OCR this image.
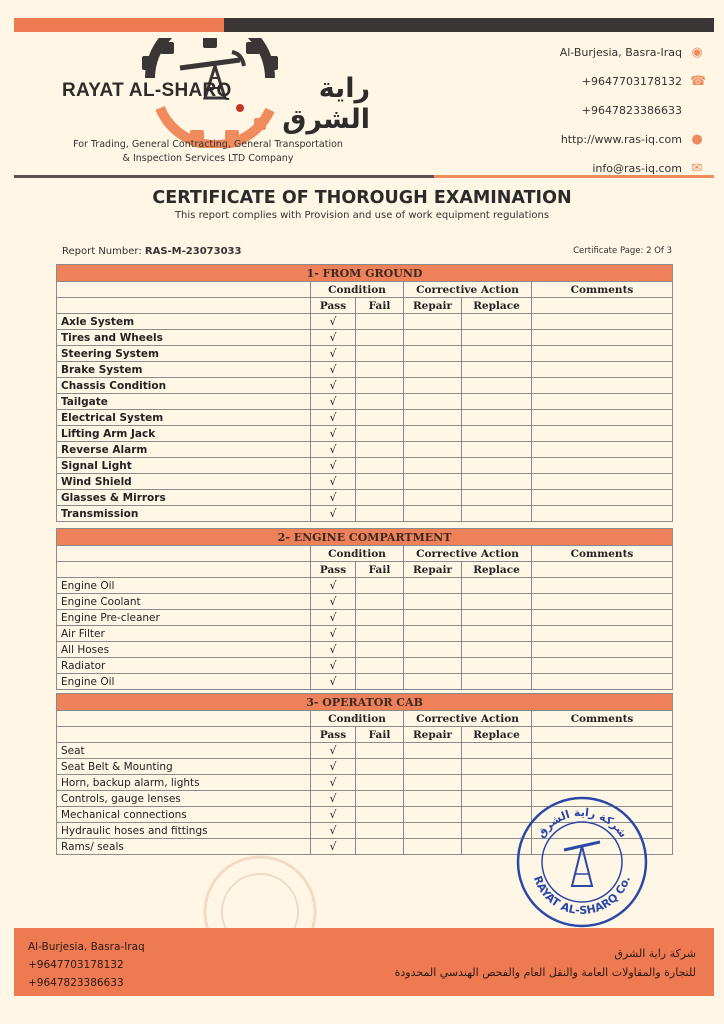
RAYAT AL-SHARQ	راية الشرق
For Trading, General Contracting, General Transportation
& Inspection Services LTD Company
Al-Burjesia, Basra-Iraq ◉
+9647703178132 ☎
+9647823386633
http://www.ras-iq.com ●
info@ras-iq.com ✉
CERTIFICATE OF THOROUGH EXAMINATION
This report complies with Provision and use of work equipment regulations
Report Number: RAS-M-23073033	Certificate Page: 2 Of 3
1- FROM GROUND					
	Condition		Corrective Action		Comments
	Pass	Fail	Repair	Replace	
Axle System	√				
Tires and Wheels	√				
Steering System	√				
Brake System	√				
Chassis Condition	√				
Tailgate	√				
Electrical System	√				
Lifting Arm Jack	√				
Reverse Alarm	√				
Signal Light	√				
Wind Shield	√				
Glasses & Mirrors	√				
Transmission	√				
2- ENGINE COMPARTMENT					
	Condition		Corrective Action		Comments
	Pass	Fail	Repair	Replace	
Engine Oil	√				
Engine Coolant	√				
Engine Pre-cleaner	√				
Air Filter	√				
All Hoses	√				
Radiator	√				
Engine Oil	√				
3- OPERATOR CAB					
	Condition		Corrective Action		Comments
	Pass	Fail	Repair	Replace	
Seat	√				
Seat Belt & Mounting	√				
Horn, backup alarm, lights	√				
Controls, gauge lenses	√				
Mechanical connections	√				
Hydraulic hoses and fittings	√				
Rams/ seals	√				
شركة راية الشرق
RAYAT AL-SHARQ Co.
Al-Burjesia, Basra-Iraq
+9647703178132
+9647823386633
شركة راية الشرق
للتجارة والمقاولات العامة والنقل العام والفحص الهندسي المحدودة
